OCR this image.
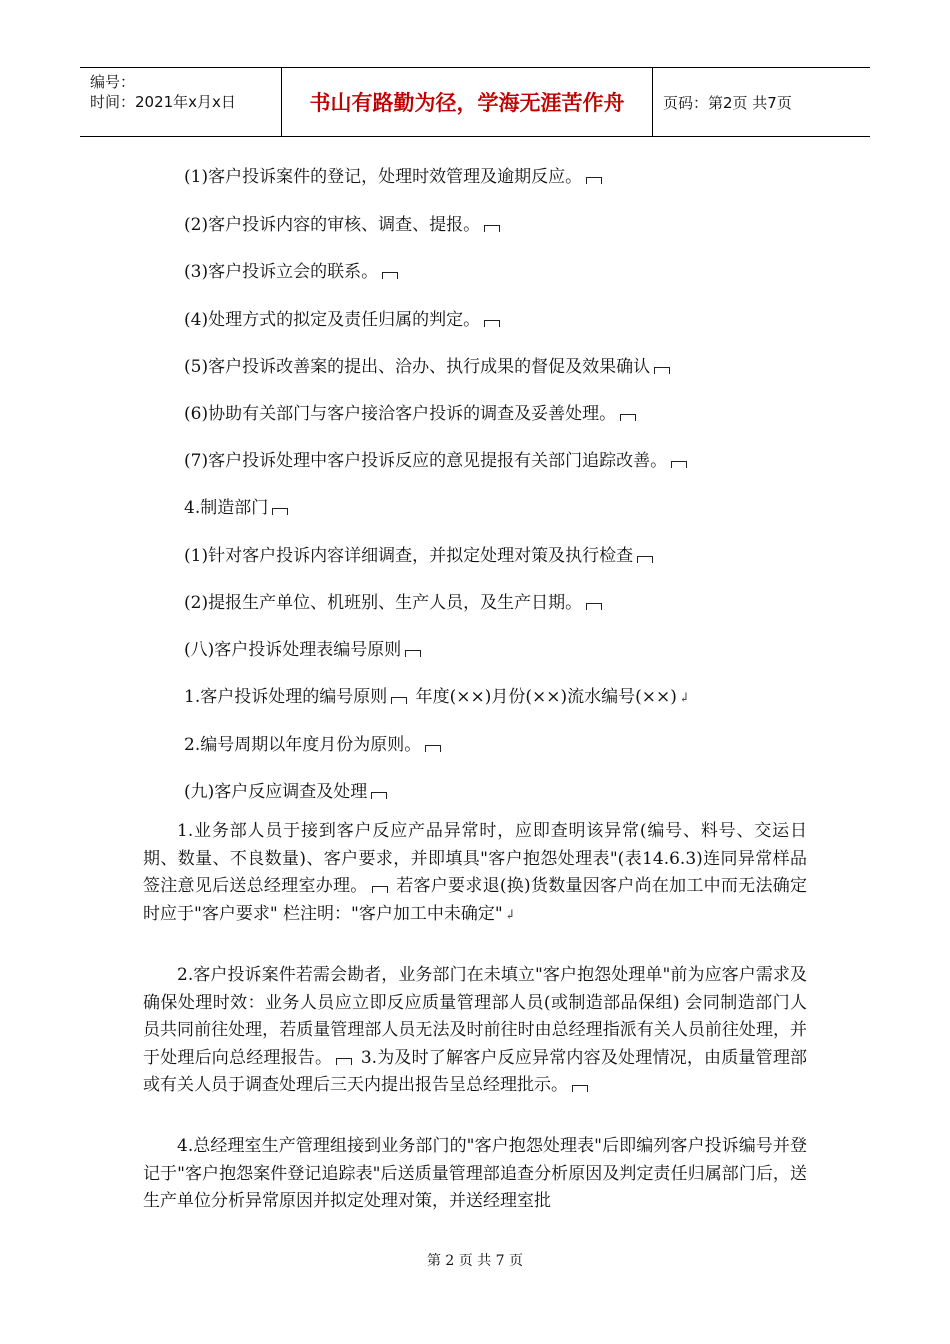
编号：
时间：2021年x月x日	书山有路勤为径，学海无涯苦作舟	页码：第2页 共7页
(1)客户投诉案件的登记，处理时效管理及逾期反应。
(2)客户投诉内容的审核、调查、提报。
(3)客户投诉立会的联系。
(4)处理方式的拟定及责任归属的判定。
(5)客户投诉改善案的提出、洽办、执行成果的督促及效果确认
(6)协助有关部门与客户接洽客户投诉的调查及妥善处理。
(7)客户投诉处理中客户投诉反应的意见提报有关部门追踪改善。
4.制造部门
(1)针对客户投诉内容详细调查，并拟定处理对策及执行检查
(2)提报生产单位、机班别、生产人员，及生产日期。
(八)客户投诉处理表编号原则
1.客户投诉处理的编号原则 年度(××)月份(××)流水编号(××) ↲
2.编号周期以年度月份为原则。
(九)客户反应调查及处理
1.业务部人员于接到客户反应产品异常时，应即查明该异常(编号、料号、交运日期、数量、不良数量)、客户要求，并即填具"客户抱怨处理表"(表14.6.3)连同异常样品签注意见后送总经理室办理。 若客户要求退(换)货数量因客户尚在加工中而无法确定时应于"客户要求" 栏注明："客户加工中未确定" ↲
2.客户投诉案件若需会勘者，业务部门在未填立"客户抱怨处理单"前为应客户需求及确保处理时效：业务人员应立即反应质量管理部人员(或制造部品保组) 会同制造部门人员共同前往处理，若质量管理部人员无法及时前往时由总经理指派有关人员前往处理，并于处理后向总经理报告。 3.为及时了解客户反应异常内容及处理情况，由质量管理部或有关人员于调查处理后三天内提出报告呈总经理批示。
4.总经理室生产管理组接到业务部门的"客户抱怨处理表"后即编列客户投诉编号并登记于"客户抱怨案件登记追踪表"后送质量管理部追查分析原因及判定责任归属部门后，送生产单位分析异常原因并拟定处理对策，并送经理室批
第 2 页 共 7 页
